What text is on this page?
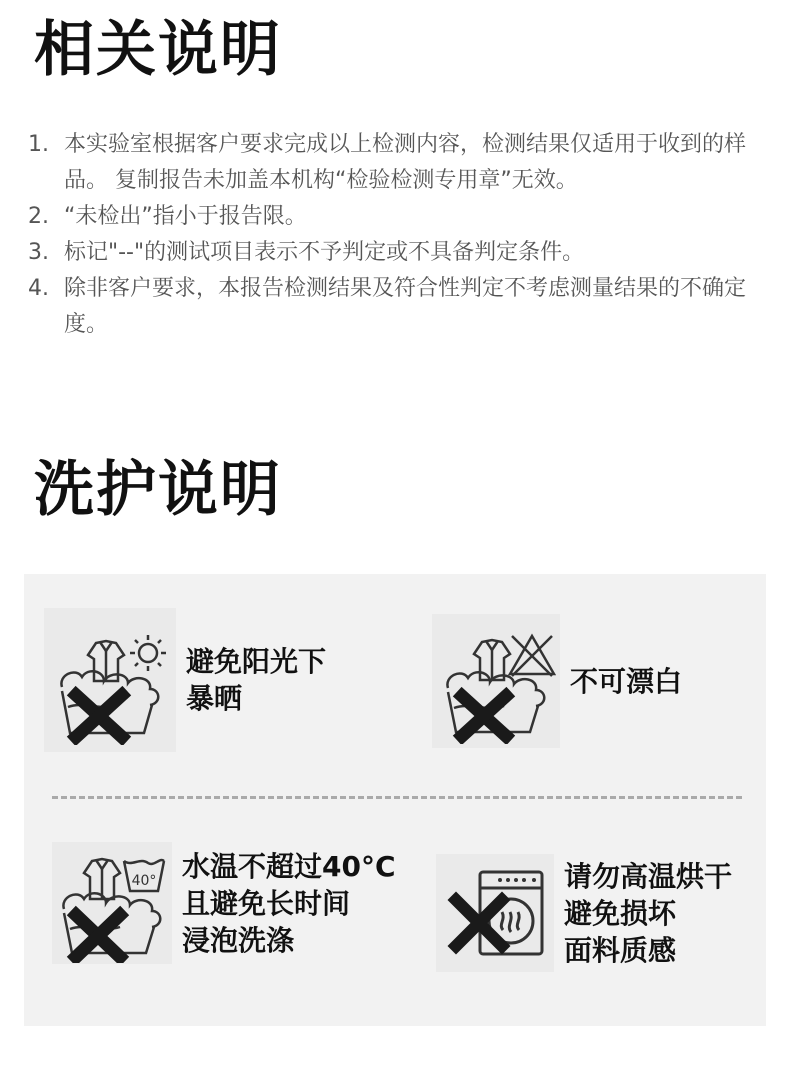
相关说明
1. 本实验室根据客户要求完成以上检测内容，检测结果仅适用于收到的样品。 复制报告未加盖本机构“检验检测专用章”无效。
2. “未检出”指小于报告限。
3. 标记"--"的测试项目表示不予判定或不具备判定条件。
4. 除非客户要求，本报告检测结果及符合性判定不考虑测量结果的不确定度。
洗护说明
避免阳光下
暴晒
不可漂白
40° 水温不超过40°C
且避免长时间
浸泡洗涤
请勿高温烘干
避免损坏
面料质感
